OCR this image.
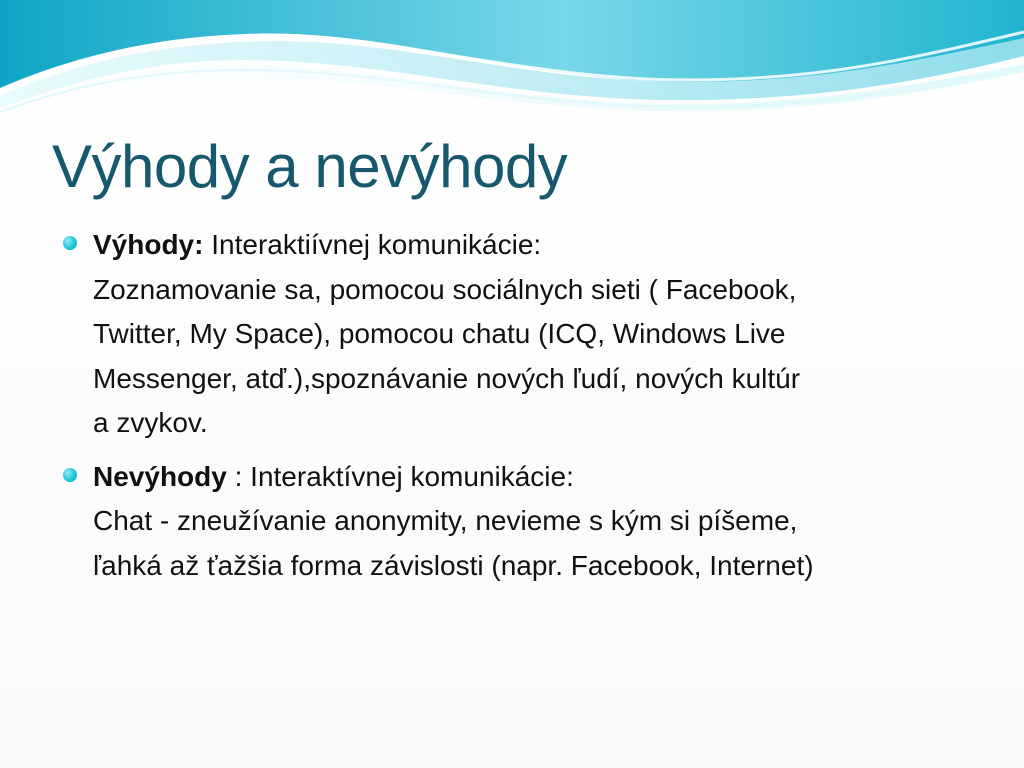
Výhody a nevýhody
Výhody: Interaktiívnej komunikácie:
Zoznamovanie sa, pomocou sociálnych sieti ( Facebook,
Twitter, My Space), pomocou chatu (ICQ, Windows Live
Messenger, atď.),spoznávanie nových ľudí, nových kultúr
a zvykov.
Nevýhody : Interaktívnej komunikácie:
Chat - zneužívanie anonymity, nevieme s kým si píšeme,
ľahká až ťažšia forma závislosti (napr. Facebook, Internet)
